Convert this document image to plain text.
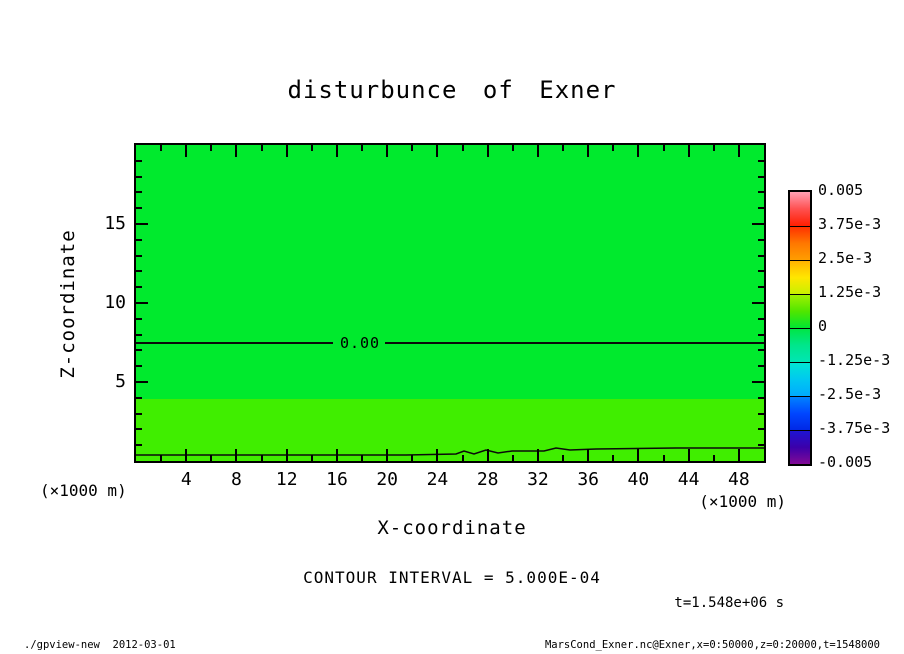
disturbunce of Exner
0.00
4 8 12 16 20 24 28 32 36 40 44 48
5
10
15
(×1000 m)
(×1000 m)
X-coordinate
Z-coordinate
CONTOUR INTERVAL = 5.000E-04
t=1.548e+06 s
0.005
3.75e-3
2.5e-3
1.25e-3
0
-1.25e-3
-2.5e-3
-3.75e-3
-0.005
./gpview-new  2012-03-01	MarsCond_Exner.nc@Exner,x=0:50000,z=0:20000,t=1548000
